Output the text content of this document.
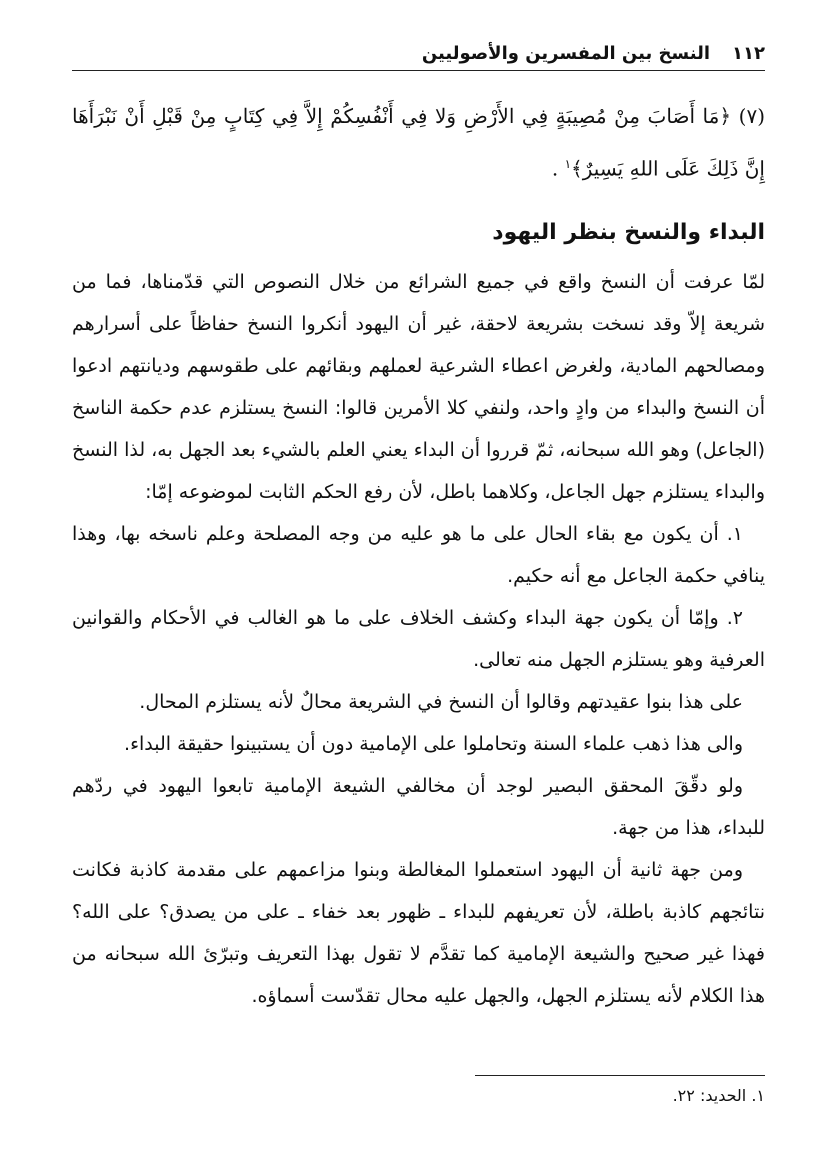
١١٢
النسخ بين المفسرين والأصوليين

(٧) ﴿مَا أَصَابَ مِنْ مُصِيبَةٍ فِي الأَرْضِ وَلا فِي أَنْفُسِكُمْ إِلاَّ فِي كِتَابٍ مِنْ قَبْلِ أَنْ نَبْرَأَهَا إِنَّ ذَلِكَ عَلَى اللهِ يَسِيرٌ﴾$^١$ .

البداء والنسخ بنظر اليهود

لمّا عرفت أن النسخ واقع في جميع الشرائع من خلال النصوص التي قدّمناها، فما من شريعة إلاّ وقد نسخت بشريعة لاحقة، غير أن اليهود أنكروا النسخ حفاظاً على أسرارهم ومصالحهم المادية، ولغرض اعطاء الشرعية لعملهم وبقائهم على طقوسهم وديانتهم ادعوا أن النسخ والبداء من وادٍ واحد، ولنفي كلا الأمرين قالوا: النسخ يستلزم عدم حكمة الناسخ (الجاعل) وهو الله سبحانه، ثمّ قرروا أن البداء يعني العلم بالشيء بعد الجهل به، لذا النسخ والبداء يستلزم جهل الجاعل، وكلاهما باطل، لأن رفع الحكم الثابت لموضوعه إمّا:

١. أن يكون مع بقاء الحال على ما هو عليه من وجه المصلحة وعلم ناسخه بها، وهذا ينافي حكمة الجاعل مع أنه حكيم.

٢. وإمّا أن يكون جهة البداء وكشف الخلاف على ما هو الغالب في الأحكام والقوانين العرفية وهو يستلزم الجهل منه تعالى.

على هذا بنوا عقيدتهم وقالوا أن النسخ في الشريعة محالٌ لأنه يستلزم المحال.

والى هذا ذهب علماء السنة وتحاملوا على الإمامية دون أن يستبينوا حقيقة البداء.

ولو دقّقَ المحقق البصير لوجد أن مخالفي الشيعة الإمامية تابعوا اليهود في ردّهم للبداء، هذا من جهة.

ومن جهة ثانية أن اليهود استعملوا المغالطة وبنوا مزاعمهم على مقدمة كاذبة فكانت نتائجهم كاذبة باطلة، لأن تعريفهم للبداء ـ ظهور بعد خفاء ـ على من يصدق؟ على الله؟ فهذا غير صحيح والشيعة الإمامية كما تقدَّم لا تقول بهذا التعريف وتبرّئ الله سبحانه من هذا الكلام لأنه يستلزم الجهل، والجهل عليه محال تقدّست أسماؤه.

١. الحديد: ٢٢.
